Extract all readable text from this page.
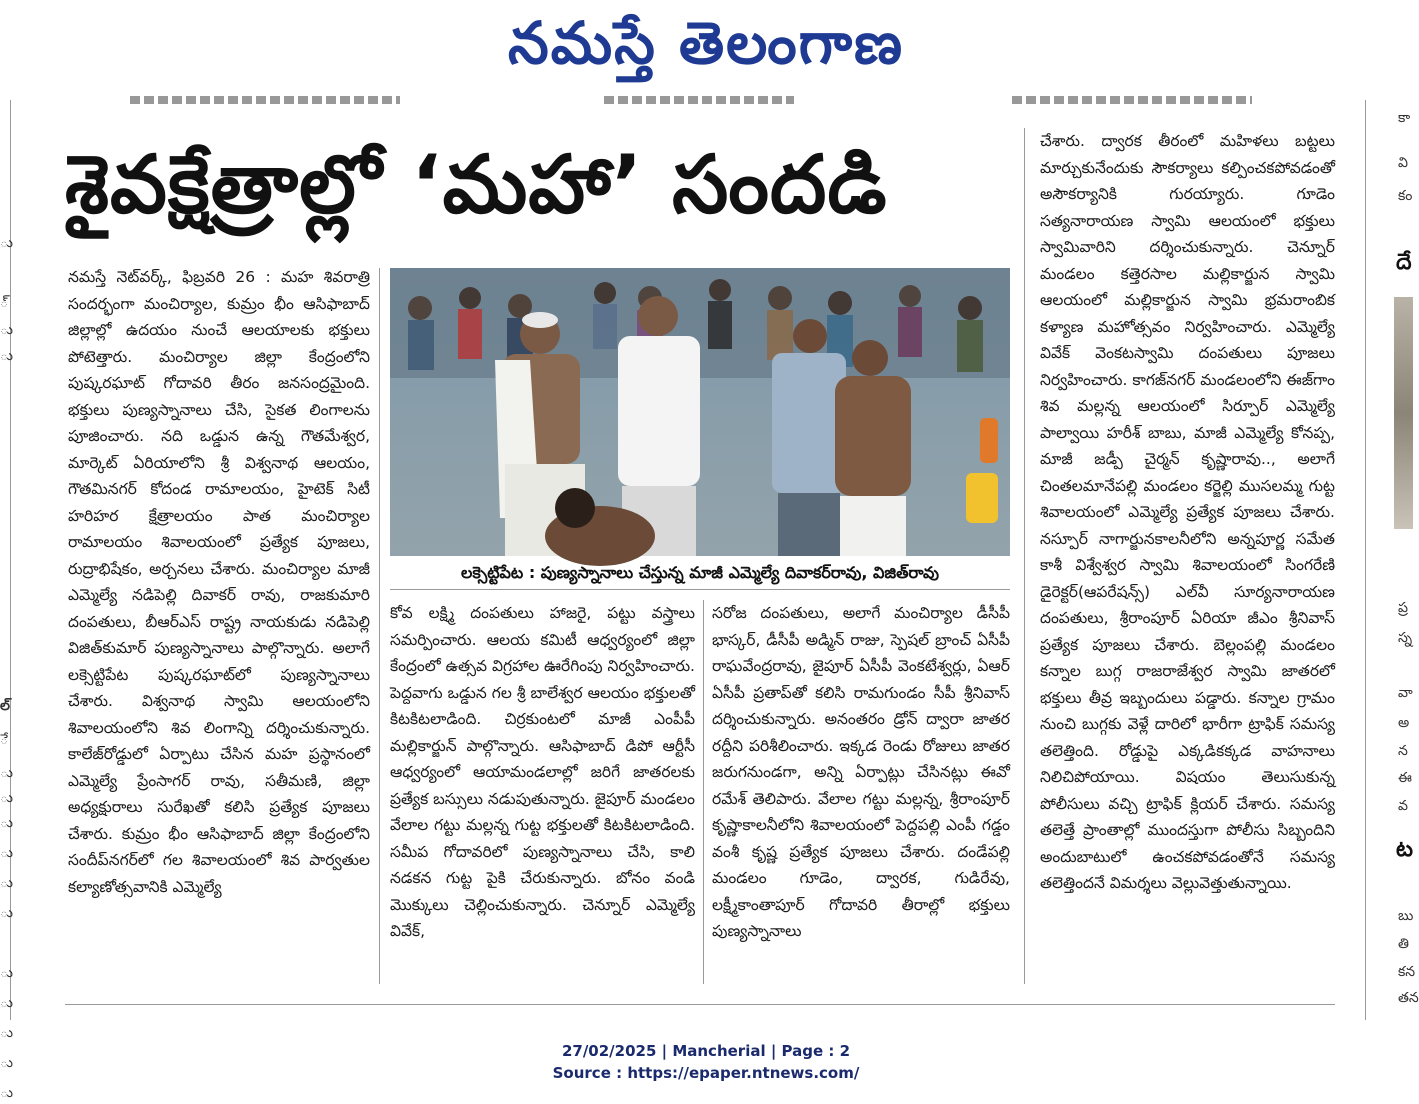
నమస్తే తెలంగాణ
ు
్
ు
ు
ల్
ే
ు
ు
ు
ు
ు
ు
ు
ు
ు
ు
ు
కా
వి
కం
దే
ప్ర
స్న
వా
అ
న
ఈ
వ
ట
బు
తి
కన
తన
శైవక్షేత్రాల్లో ‘మహా’ సందడి
నమస్తే నెట్‌వర్క్‌, ఫిబ్రవరి 26 : మహ శివరాత్రి సందర్భంగా మంచిర్యాల, కుమ్రం భీం ఆసిఫాబాద్‌ జిల్లాల్లో ఉదయం నుంచే ఆలయాలకు భక్తులు పోటెత్తారు. మంచిర్యాల జిల్లా కేంద్రంలోని పుష్కరఘాట్‌ గోదావరి తీరం జనసంద్రమైంది. భక్తులు పుణ్యస్నానాలు చేసి, సైకత లింగాలను పూజించారు. నది ఒడ్డున ఉన్న గౌతమేశ్వర, మార్కెట్‌ ఏరియాలోని శ్రీ విశ్వనాథ ఆలయం, గౌతమినగర్‌ కోదండ రామాలయం, హైటెక్‌ సిటీ హరిహర క్షేత్రాలయం పాత మంచిర్యాల రామాలయం శివాలయంలో ప్రత్యేక పూజలు, రుద్రాభిషేకం, అర్చనలు చేశారు. మంచిర్యాల మాజీ ఎమ్మెల్యే నడిపెల్లి దివాకర్‌ రావు, రాజకుమారి దంపతులు, బీఆర్‌ఎస్‌ రాష్ట్ర నాయకుడు నడిపెల్లి విజిత్‌కుమార్‌ పుణ్యస్నానాలు పాల్గొన్నారు. అలాగే లక్సెట్టిపేట పుష్కరఘాట్‌లో పుణ్యస్నానాలు చేశారు. విశ్వనాథ స్వామి ఆలయంలోని శివాలయంలోని శివ లింగాన్ని దర్శించుకున్నారు. కాలేజ్‌రోడ్డులో ఏర్పాటు చేసిన మహ ప్రస్థానంలో ఎమ్మెల్యే ప్రేంసాగర్‌ రావు, సతీమణి, జిల్లా అధ్యక్షురాలు సురేఖతో కలిసి ప్రత్యేక పూజలు చేశారు. కుమ్రం భీం ఆసిఫాబాద్‌ జిల్లా కేంద్రంలోని సందీప్‌నగర్‌లో గల శివాలయంలో శివ పార్వతుల కల్యాణోత్సవానికి ఎమ్మెల్యే
లక్సెట్టిపేట : పుణ్యస్నానాలు చేస్తున్న మాజీ ఎమ్మెల్యే దివాకర్‌రావు, విజిత్‌రావు
కోవ లక్ష్మి దంపతులు హాజరై, పట్టు వస్త్రాలు సమర్పించారు. ఆలయ కమిటీ ఆధ్వర్యంలో జిల్లా కేంద్రంలో ఉత్సవ విగ్రహాల ఊరేగింపు నిర్వహించారు. పెద్దవాగు ఒడ్డున గల శ్రీ బాలేశ్వర ఆలయం భక్తులతో కిటకిటలాడింది. చిర్రకుంటలో మాజీ ఎంపీపీ మల్లికార్జున్‌ పాల్గొన్నారు. ఆసిఫాబాద్‌ డిపో ఆర్టీసీ ఆధ్వర్యంలో ఆయామండలాల్లో జరిగే జాతరలకు ప్రత్యేక బస్సులు నడుపుతున్నారు. జైపూర్‌ మండలం వేలాల గట్టు మల్లన్న గుట్ట భక్తులతో కిటకిటలాడింది. సమీప గోదావరిలో పుణ్యస్నానాలు చేసి, కాలి నడకన గుట్ట పైకి చేరుకున్నారు. బోనం వండి మొక్కులు చెల్లించుకున్నారు. చెన్నూర్‌ ఎమ్మెల్యే వివేక్‌,
సరోజ దంపతులు, అలాగే మంచిర్యాల డీసీపీ భాస్కర్‌, డీసీపీ అడ్మిన్‌ రాజు, స్పెషల్‌ బ్రాంచ్‌ ఏసీపీ రాఘవేంద్రరావు, జైపూర్‌ ఏసీపీ వెంకటేశ్వర్లు, ఏఆర్‌ ఏసీపీ ప్రతాప్‌తో కలిసి రామగుండం సీపీ శ్రీనివాస్‌ దర్శించుకున్నారు. అనంతరం డ్రోన్‌ ద్వారా జాతర రద్దీని పరిశీలించారు. ఇక్కడ రెండు రోజులు జాతర జరుగనుండగా, అన్ని ఏర్పాట్లు చేసినట్లు ఈవో రమేశ్‌ తెలిపారు. వేలాల గట్టు మల్లన్న, శ్రీరాంపూర్‌ కృష్ణాకాలనీలోని శివాలయంలో పెద్దపల్లి ఎంపీ గడ్డం వంశీ కృష్ణ ప్రత్యేక పూజలు చేశారు. దండేపల్లి మండలం గూడెం, ద్వారక, గుడిరేవు, లక్ష్మీకాంతాపూర్‌ గోదావరి తీరాల్లో భక్తులు పుణ్యస్నానాలు
చేశారు. ద్వారక తీరంలో మహిళలు బట్టలు మార్చుకునేందుకు సౌకర్యాలు కల్పించకపోవడంతో అసౌకర్యానికి గురయ్యారు. గూడెం సత్యనారాయణ స్వామి ఆలయంలో భక్తులు స్వామివారిని దర్శించుకున్నారు. చెన్నూర్‌ మండలం కత్తెరసాల మల్లికార్జున స్వామి ఆలయంలో మల్లికార్జున స్వామి భ్రమరాంబిక కళ్యాణ మహోత్సవం నిర్వహించారు. ఎమ్మెల్యే వివేక్‌ వెంకటస్వామి దంపతులు పూజలు నిర్వహించారు. కాగజ్‌నగర్‌ మండలంలోని ఈజ్‌గాం శివ మల్లన్న ఆలయంలో సిర్పూర్‌ ఎమ్మెల్యే పాల్వాయి హరీశ్‌ బాబు, మాజీ ఎమ్మెల్యే కోనప్ప, మాజీ జడ్పీ చైర్మన్‌ కృష్ణారావు.., అలాగే చింతలమానేపల్లి మండలం కర్జెల్లి ముసలమ్మ గుట్ట శివాలయంలో ఎమ్మెల్యే ప్రత్యేక పూజలు చేశారు. నస్పూర్‌ నాగార్జునకాలనీలోని అన్నపూర్ణ సమేత కాశీ విశ్వేశ్వర స్వామి శివాలయంలో సింగరేణి డైరెక్టర్‌(ఆపరేషన్స్‌) ఎల్‌వీ సూర్యనారాయణ దంపతులు, శ్రీరాంపూర్‌ ఏరియా జీఎం శ్రీనివాస్‌ ప్రత్యేక పూజలు చేశారు. బెల్లంపల్లి మండలం కన్నాల బుగ్గ రాజరాజేశ్వర స్వామి జాతరలో భక్తులు తీవ్ర ఇబ్బందులు పడ్డారు. కన్నాల గ్రామం నుంచి బుగ్గకు వెళ్లే దారిలో భారీగా ట్రాఫిక్‌ సమస్య తలెత్తింది. రోడ్డుపై ఎక్కడికక్కడ వాహనాలు నిలిచిపోయాయి. విషయం తెలుసుకున్న పోలీసులు వచ్చి ట్రాఫిక్‌ క్లియర్‌ చేశారు. సమస్య తలెత్తే ప్రాంతాల్లో ముందస్తుగా పోలీసు సిబ్బందిని అందుబాటులో ఉంచకపోవడంతోనే సమస్య తలెత్తిందనే విమర్శలు వెల్లువెత్తుతున్నాయి.
27/02/2025 | Mancherial | Page : 2
Source : https://epaper.ntnews.com/
